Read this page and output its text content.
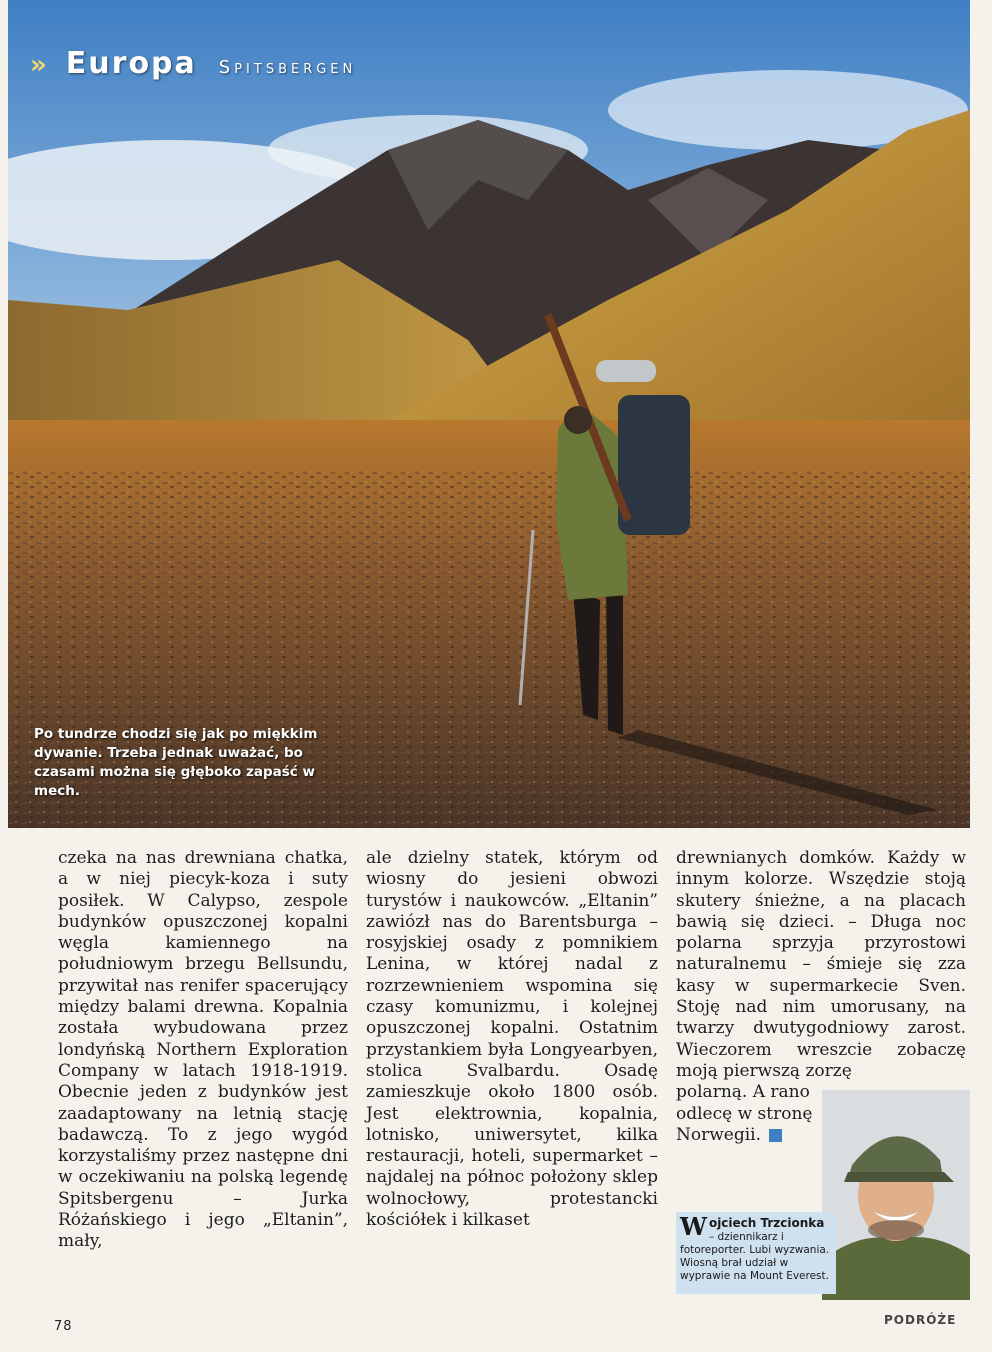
» Europa Spitsbergen
Po tundrze chodzi się jak po miękkim dywanie. Trzeba jednak uważać, bo czasami można się głęboko zapaść w mech.

czeka na nas drewniana chatka, a w niej piecyk-koza i suty posiłek. W Calypso, zespole budynków opuszczonej kopalni węgla kamiennego na południowym brzegu Bellsundu, przywitał nas renifer spacerujący między balami drewna. Kopalnia została wybudowana przez londyńską Northern Exploration Company w latach 1918-1919. Obecnie jeden z budynków jest zaadaptowany na letnią stację badawczą. To z jego wygód korzystaliśmy przez następne dni w oczekiwaniu na polską legendę Spitsbergenu – Jurka Różańskiego i jego „Eltanin”, mały,

ale dzielny statek, którym od wiosny do jesieni obwozi turystów i naukowców. „Eltanin” zawiózł nas do Barentsburga – rosyjskiej osady z pomnikiem Lenina, w której nadal z rozrzewnieniem wspomina się czasy komunizmu, i kolejnej opuszczonej kopalni. Ostatnim przystankiem była Longyearbyen, stolica Svalbardu. Osadę zamieszkuje około 1800 osób. Jest elektrownia, kopalnia, lotnisko, uniwersytet, kilka restauracji, hoteli, supermarket – najdalej na północ położony sklep wolnocłowy, protestancki kościółek i kilkaset

drewnianych domków. Każdy w innym kolorze. Wszędzie stoją skutery śnieżne, a na placach bawią się dzieci. – Długa noc polarna sprzyja przyrostowi naturalnemu – śmieje się zza kasy w supermarkecie Sven. Stoję nad nim umorusany, na twarzy dwutygodniowy zarost. Wieczorem wreszcie zobaczę moją pierwszą zorzę

polarną. A rano
odlecę w stronę
Norwegii.
W ojciech Trzcionka
– dziennikarz i fotoreporter. Lubi wyzwania. Wiosną brał udział w wyprawie na Mount Everest.
78	PODRÓŻE
